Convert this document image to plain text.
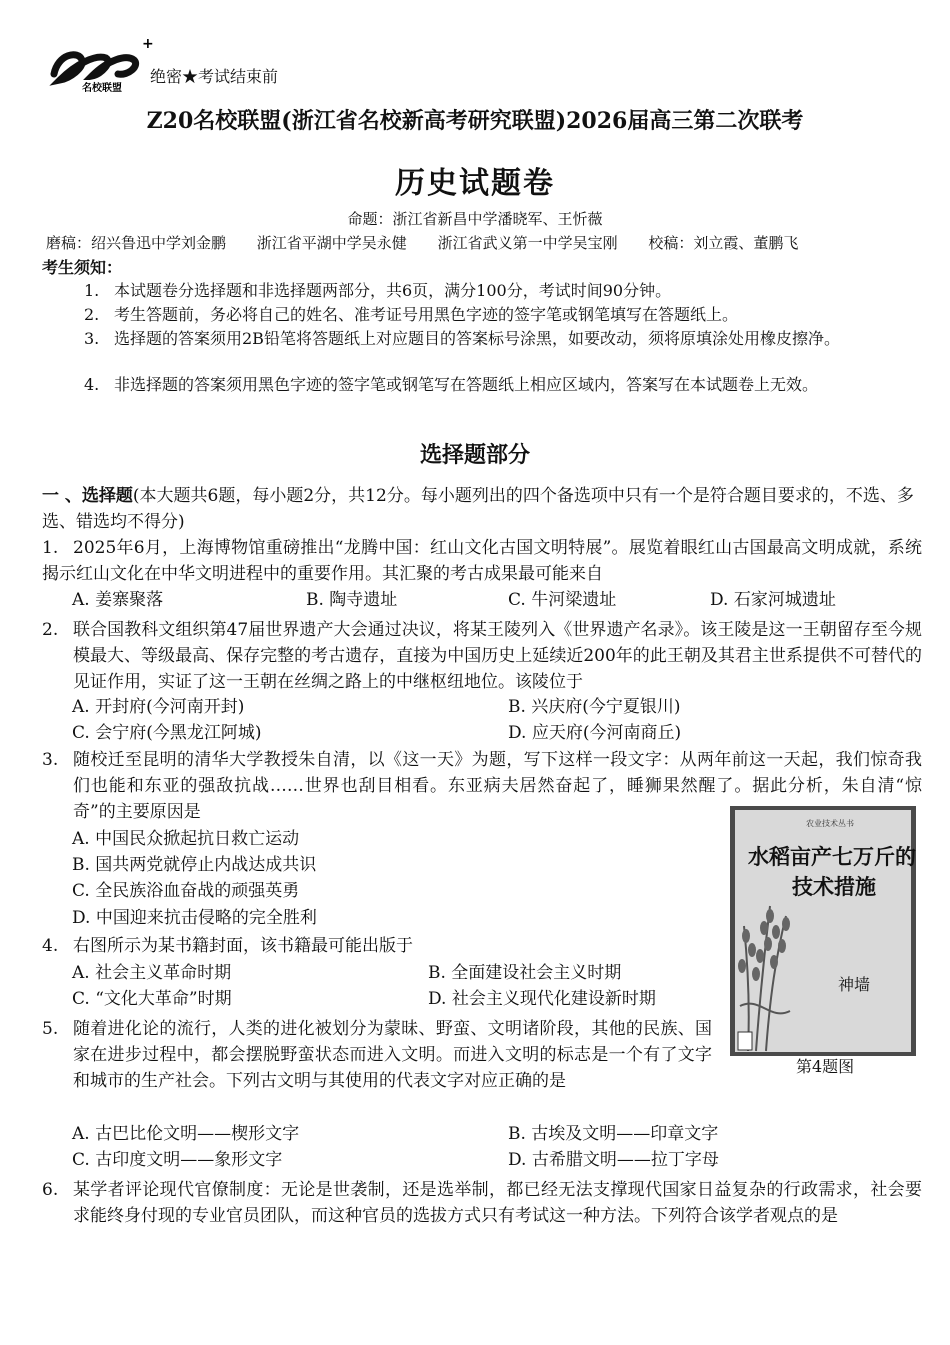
+
名校联盟
绝密★考试结束前
Z20名校联盟(浙江省名校新高考研究联盟)2026届高三第二次联考
历史试题卷
命题：浙江省新昌中学潘晓军、王忻薇
磨稿：绍兴鲁迅中学刘金鹏 浙江省平湖中学吴永健 浙江省武义第一中学吴宝刚 校稿：刘立霞、董鹏飞
考生须知：
1. 本试题卷分选择题和非选择题两部分，共6页，满分100分，考试时间90分钟。
2. 考生答题前，务必将自己的姓名、准考证号用黑色字迹的签字笔或钢笔填写在答题纸上。
3. 选择题的答案须用2B铅笔将答题纸上对应题目的答案标号涂黑，如要改动，须将原填涂处用橡皮擦净。
4. 非选择题的答案须用黑色字迹的签字笔或钢笔写在答题纸上相应区域内，答案写在本试题卷上无效。
选择题部分
一 、选择题(本大题共6题，每小题2分，共12分。每小题列出的四个备选项中只有一个是符合题目要求的，不选、多选、错选均不得分)
1. 2025年6月，上海博物馆重磅推出“龙腾中国：红山文化古国文明特展”。展览着眼红山古国最高文明成就，系统揭示红山文化在中华文明进程中的重要作用。其汇聚的考古成果最可能来自
A. 姜寨聚落	B. 陶寺遗址	C. 牛河梁遗址	D. 石家河城遗址
2. 联合国教科文组织第47届世界遗产大会通过决议，将某王陵列入《世界遗产名录》。该王陵是这一王朝留存至今规模最大、等级最高、保存完整的考古遗存，直接为中国历史上延续近200年的此王朝及其君主世系提供不可替代的见证作用，实证了这一王朝在丝绸之路上的中继枢纽地位。该陵位于
A. 开封府(今河南开封)	B. 兴庆府(今宁夏银川)
C. 会宁府(今黑龙江阿城)	D. 应天府(今河南商丘)
3. 随校迁至昆明的清华大学教授朱自清，以《这一天》为题，写下这样一段文字：从两年前这一天起，我们惊奇我们也能和东亚的强敌抗战……世界也刮目相看。东亚病夫居然奋起了，睡狮果然醒了。据此分析，朱自清“惊奇”的主要原因是
A. 中国民众掀起抗日救亡运动
B. 国共两党就停止内战达成共识
C. 全民族浴血奋战的顽强英勇
D. 中国迎来抗击侵略的完全胜利
4. 右图所示为某书籍封面，该书籍最可能出版于
A. 社会主义革命时期	B. 全面建设社会主义时期
C. “文化大革命”时期	D. 社会主义现代化建设新时期
5. 随着进化论的流行，人类的进化被划分为蒙昧、野蛮、文明诸阶段，其他的民族、国家在进步过程中，都会摆脱野蛮状态而进入文明。而进入文明的标志是一个有了文字和城市的生产社会。下列古文明与其使用的代表文字对应正确的是
A. 古巴比伦文明——楔形文字	B. 古埃及文明——印章文字
C. 古印度文明——象形文字	D. 古希腊文明——拉丁字母
6. 某学者评论现代官僚制度：无论是世袭制，还是选举制，都已经无法支撑现代国家日益复杂的行政需求，社会要求能终身付现的专业官员团队，而这种官员的选拔方式只有考试这一种方法。下列符合该学者观点的是
农业技术丛书
水稻亩产七万斤的
技术措施
神墙
第4题图
